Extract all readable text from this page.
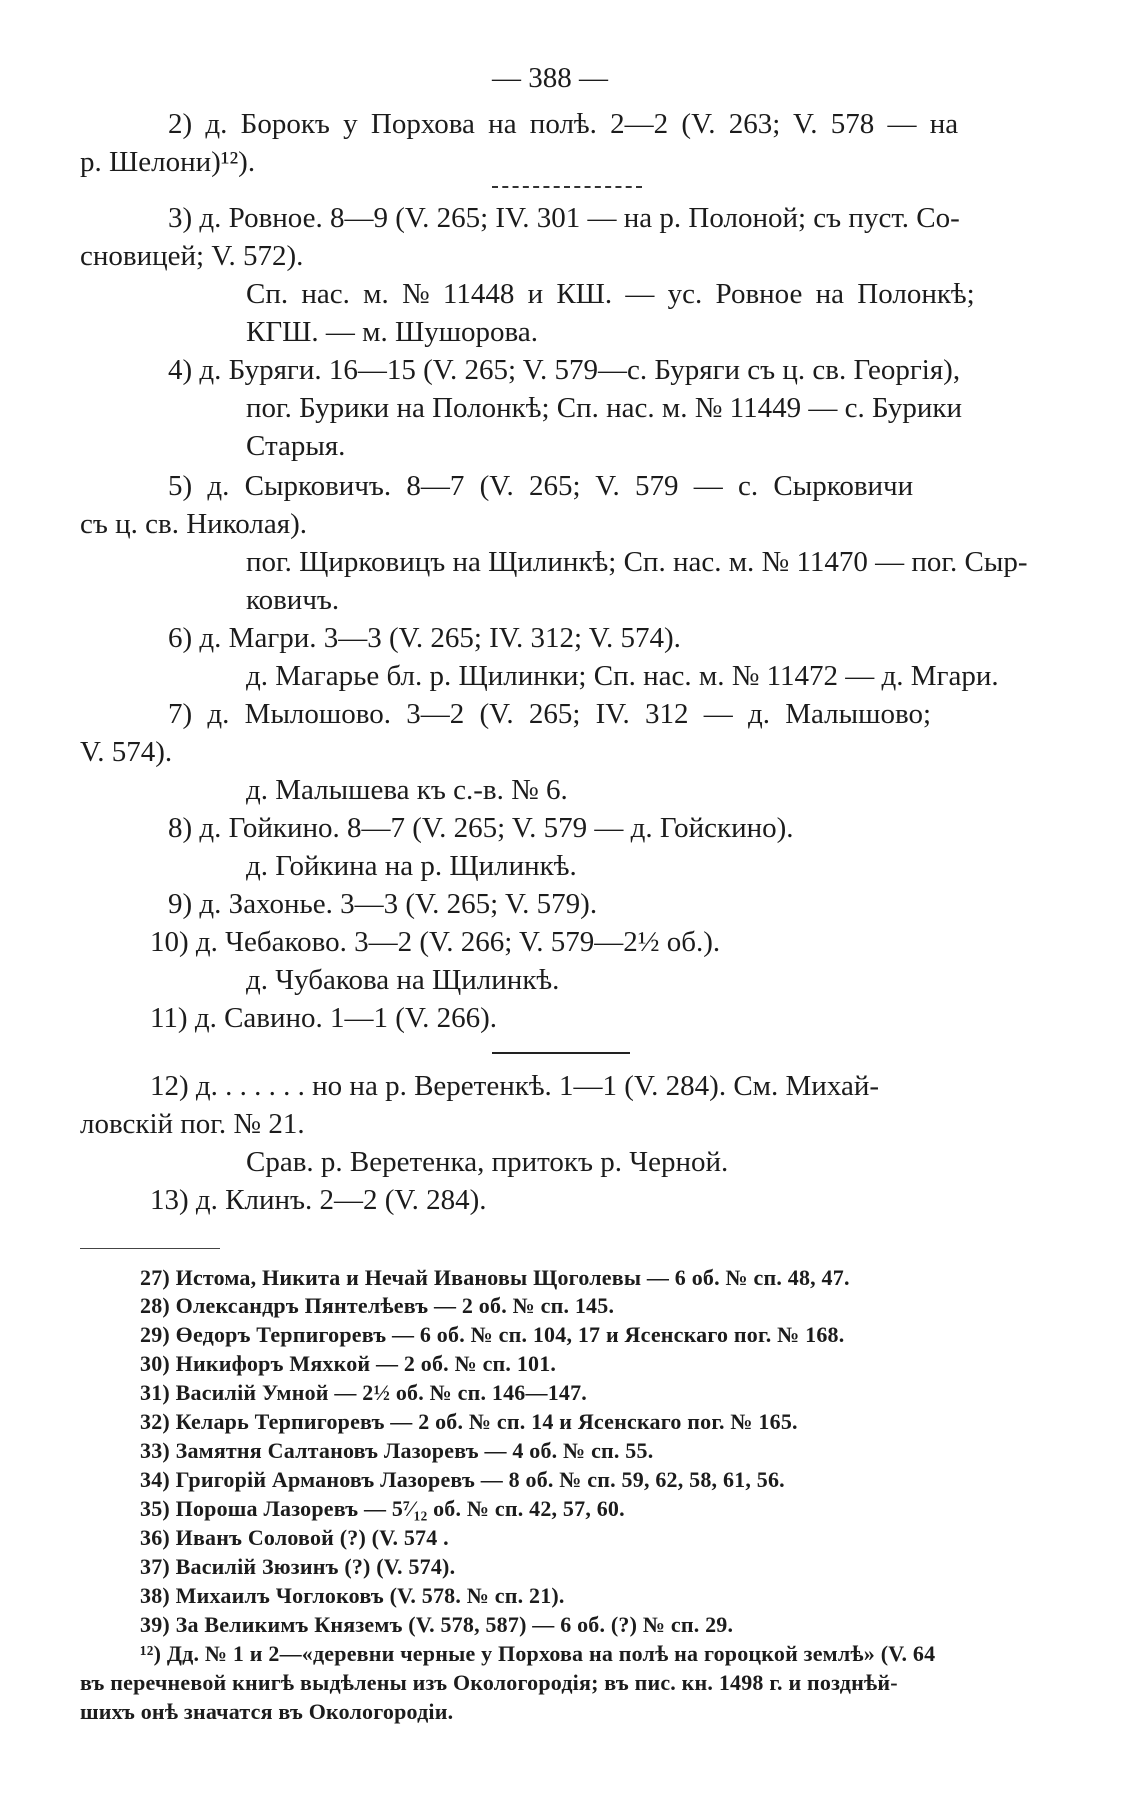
— 388 —
2) д. Борокъ у Порхова на полѣ. 2—2 (V. 263; V. 578 — на
р. Шелони)¹²).
3) д. Ровное. 8—9 (V. 265; IV. 301 — на р. Полоной; съ пуст. Со-
сновицей; V. 572).
Сп. нас. м. № 11448 и КШ. — ус. Ровное на Полонкѣ;
КГШ. — м. Шушорова.
4) д. Буряги. 16—15 (V. 265; V. 579—с. Буряги съ ц. св. Георгія),
пог. Бурики на Полонкѣ; Сп. нас. м. № 11449 — с. Бурики
Старыя.
5) д. Сырковичъ. 8—7 (V. 265; V. 579 — с. Сырковичи
съ ц. св. Николая).
пог. Щирковицъ на Щилинкѣ; Сп. нас. м. № 11470 — пог. Сыр-
ковичъ.
6) д. Магри. 3—3 (V. 265; IV. 312; V. 574).
д. Магарье бл. р. Щилинки; Сп. нас. м. № 11472 — д. Мгари.
7) д. Мылошово. 3—2 (V. 265; IV. 312 — д. Малышово;
V. 574).
д. Малышева къ с.-в. № 6.
8) д. Гойкино. 8—7 (V. 265; V. 579 — д. Гойскино).
д. Гойкина на р. Щилинкѣ.
9) д. Захонье. 3—3 (V. 265; V. 579).
10) д. Чебаково. 3—2 (V. 266; V. 579—2½ об.).
д. Чубакова на Щилинкѣ.
11) д. Савино. 1—1 (V. 266).
12) д. . . . . . . но на р. Веретенкѣ. 1—1 (V. 284). См. Михай-
ловскій пог. № 21.
Срав. р. Веретенка, притокъ р. Черной.
13) д. Клинъ. 2—2 (V. 284).
27) Истома, Никита и Нечай Ивановы Щоголевы — 6 об. № сп. 48, 47.
28) Олександръ Пянтелѣевъ — 2 об. № сп. 145.
29) Өедоръ Терпигоревъ — 6 об. № сп. 104, 17 и Ясенскаго пог. № 168.
30) Никифоръ Мяхкой — 2 об. № сп. 101.
31) Василій Умной — 2½ об. № сп. 146—147.
32) Келарь Терпигоревъ — 2 об. № сп. 14 и Ясенскаго пог. № 165.
33) Замятня Салтановъ Лазоревъ — 4 об. № сп. 55.
34) Григорій Армановъ Лазоревъ — 8 об. № сп. 59, 62, 58, 61, 56.
35) Пороша Лазоревъ — 5⁷⁄₁₂ об. № сп. 42, 57, 60.
36) Иванъ Соловой (?) (V. 574 .
37) Василій Зюзинъ (?) (V. 574).
38) Михаилъ Чоглоковъ (V. 578. № сп. 21).
39) За Великимъ Княземъ (V. 578, 587) — 6 об. (?) № сп. 29.
¹²) Дд. № 1 и 2—«деревни черные у Порхова на полѣ на гороцкой землѣ» (V. 64
въ перечневой книгѣ выдѣлены изъ Окологородія; въ пис. кн. 1498 г. и позднѣй-
шихъ онѣ значатся въ Окологородіи.
